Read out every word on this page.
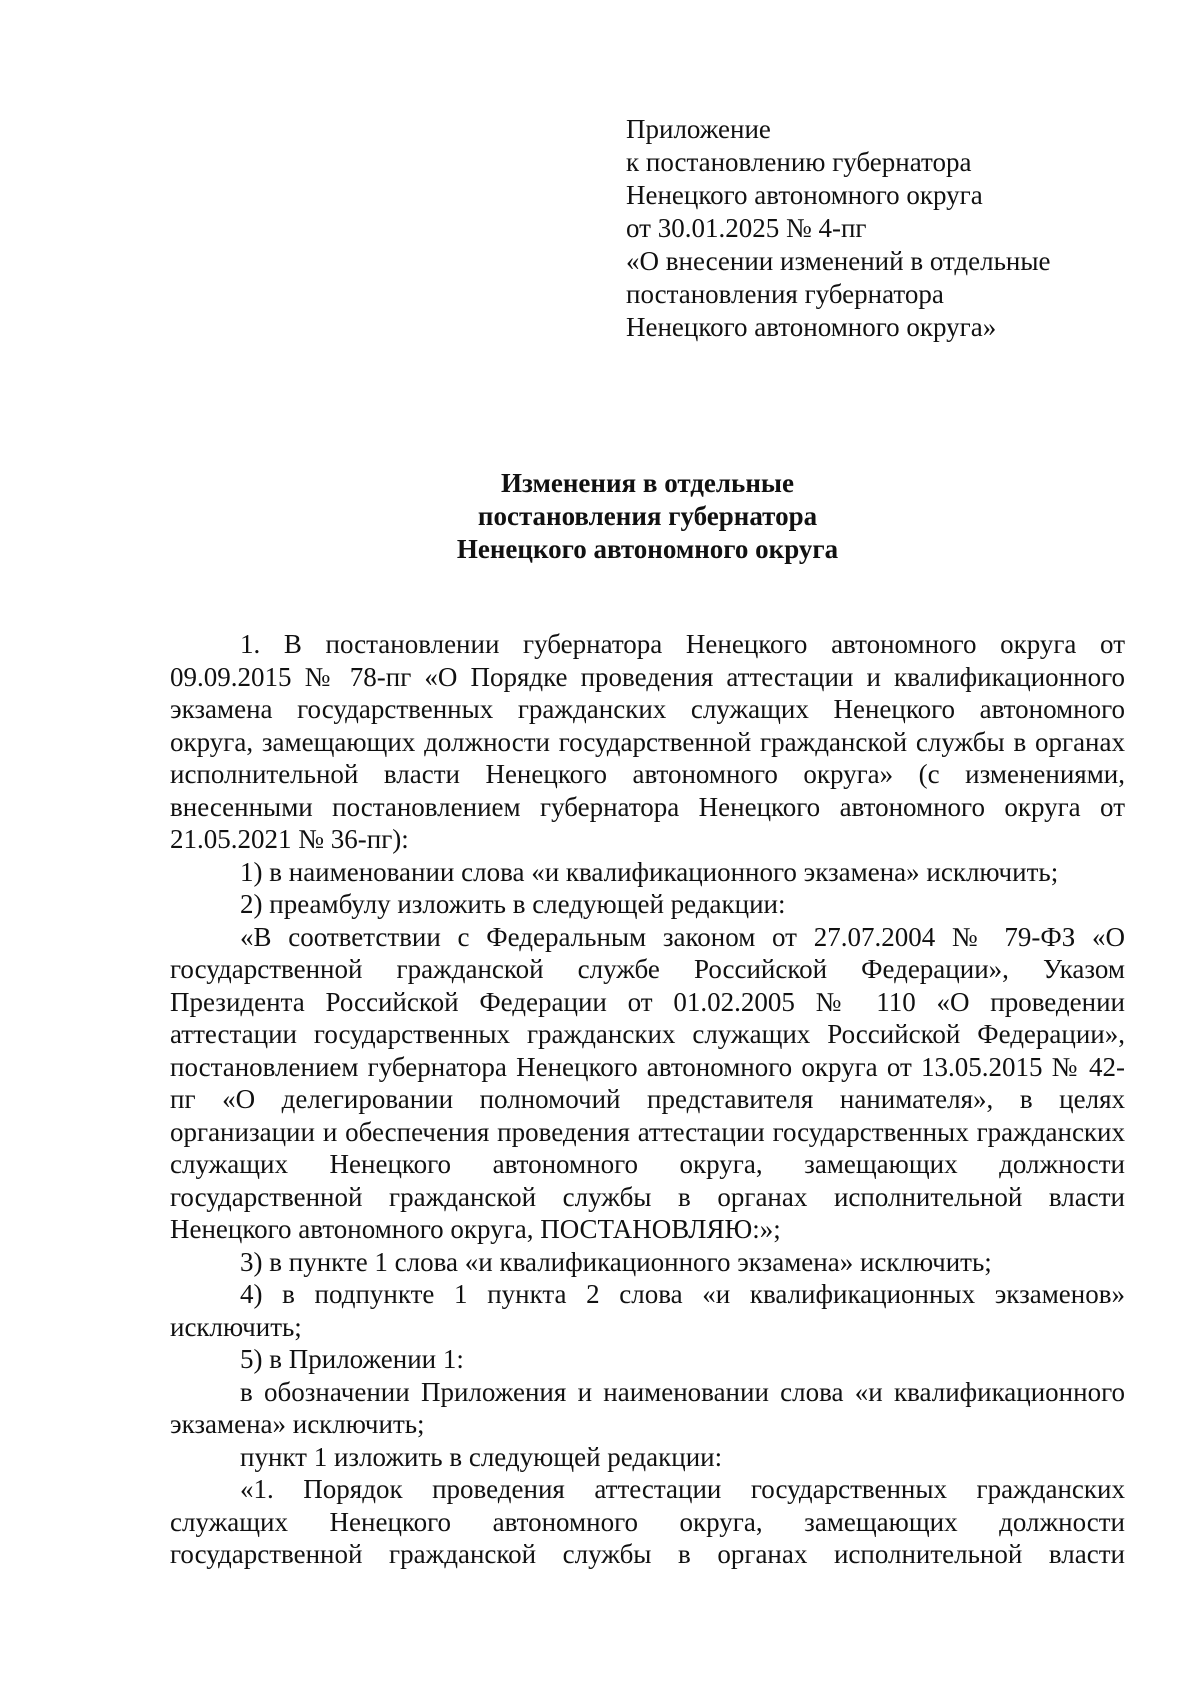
Приложение
к постановлению губернатора
Ненецкого автономного округа
от 30.01.2025 № 4-пг
«О внесении изменений в отдельные
постановления губернатора
Ненецкого автономного округа»
Изменения в отдельные
постановления губернатора
Ненецкого автономного округа

1. В постановлении губернатора Ненецкого автономного округа от 09.09.2015 № 78-пг «О Порядке проведения аттестации и квалификационного экзамена государственных гражданских служащих Ненецкого автономного округа, замещающих должности государственной гражданской службы в органах исполнительной власти Ненецкого автономного округа» (с изменениями, внесенными постановлением губернатора Ненецкого автономного округа от 21.05.2021 № 36-пг):

1) в наименовании слова «и квалификационного экзамена» исключить;

2) преамбулу изложить в следующей редакции:

«В соответствии с Федеральным законом от 27.07.2004 № 79-ФЗ «О государственной гражданской службе Российской Федерации», Указом Президента Российской Федерации от 01.02.2005 № 110 «О проведении аттестации государственных гражданских служащих Российской Федерации», постановлением губернатора Ненецкого автономного округа от 13.05.2015 № 42-пг «О делегировании полномочий представителя нанимателя», в целях организации и обеспечения проведения аттестации государственных гражданских служащих Ненецкого автономного округа, замещающих должности государственной гражданской службы в органах исполнительной власти Ненецкого автономного округа, ПОСТАНОВЛЯЮ:»;

3) в пункте 1 слова «и квалификационного экзамена» исключить;

4) в подпункте 1 пункта 2 слова «и квалификационных экзаменов» исключить;

5) в Приложении 1:

в обозначении Приложения и наименовании слова «и квалификационного экзамена» исключить;

пункт 1 изложить в следующей редакции:

«1. Порядок проведения аттестации государственных гражданских служащих Ненецкого автономного округа, замещающих должности государственной гражданской службы в органах исполнительной власти
